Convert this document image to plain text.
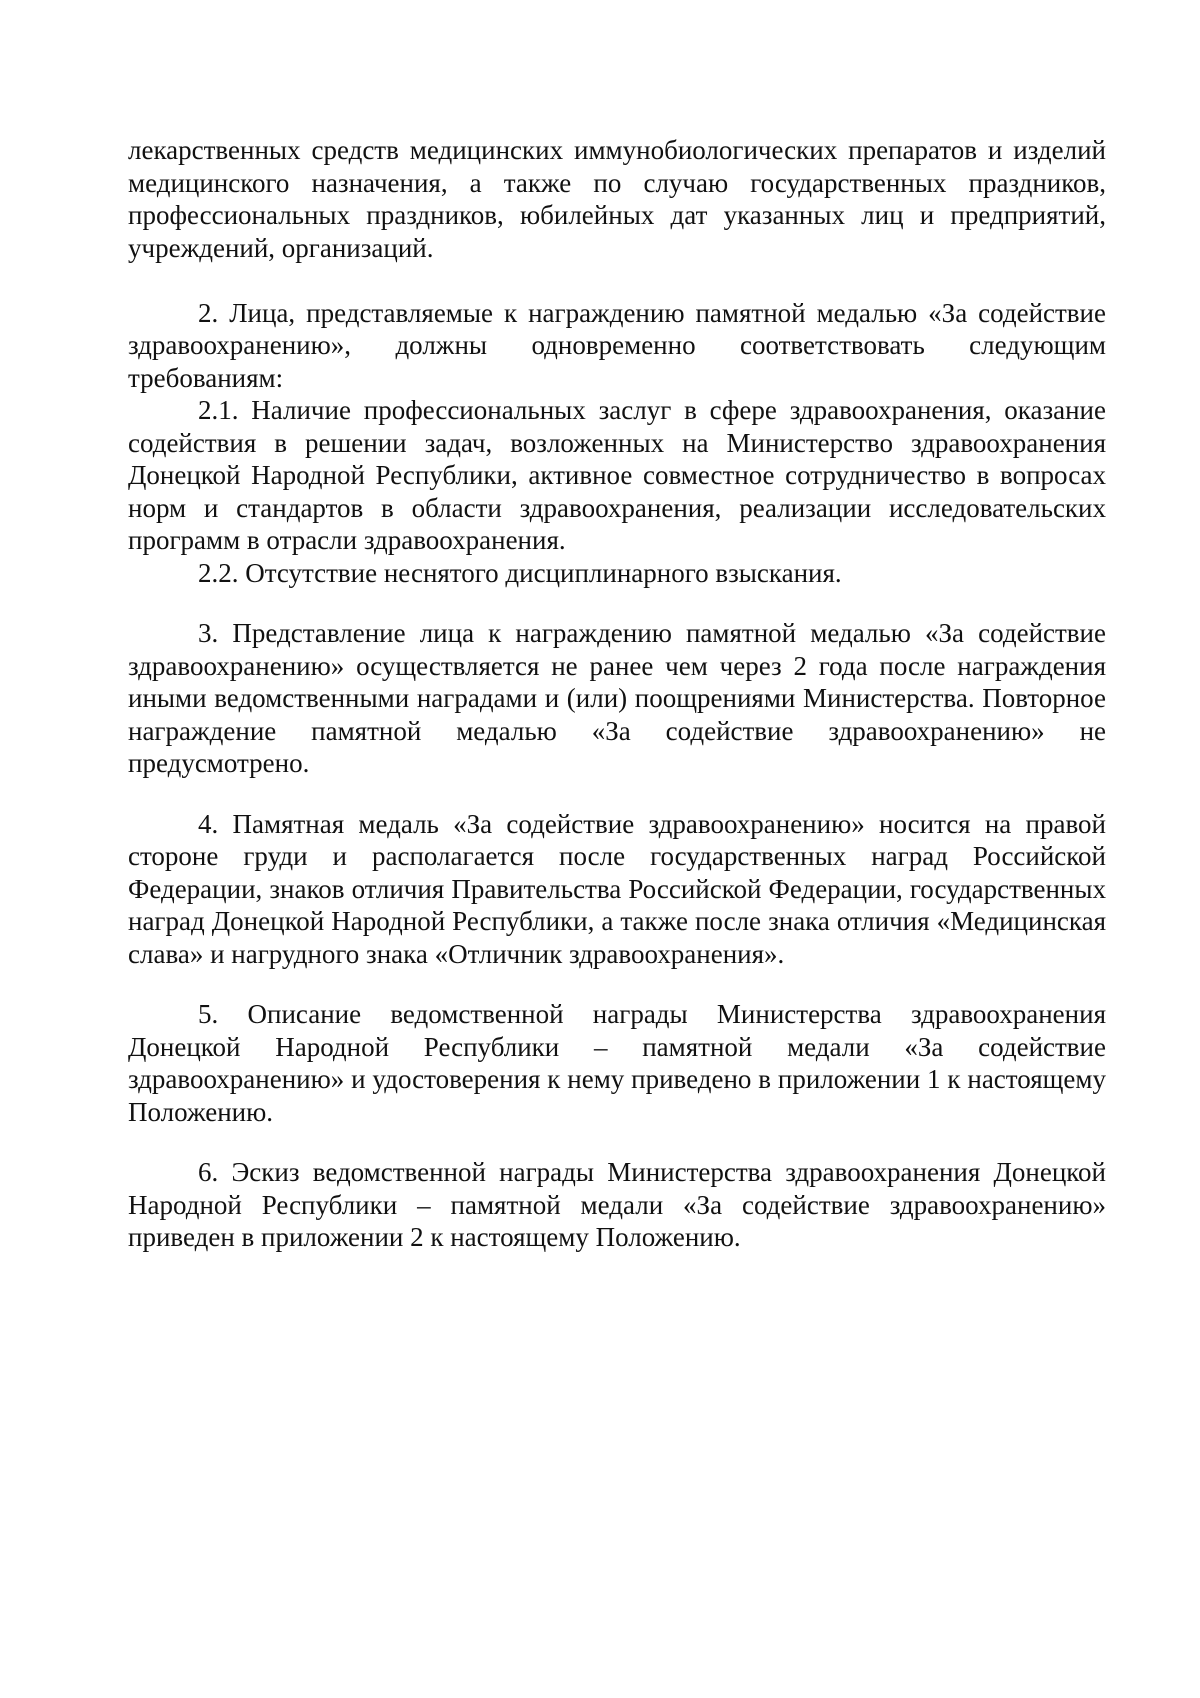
лекарственных средств медицинских иммунобиологических препаратов и изделий медицинского назначения, а также по случаю государственных праздников, профессиональных праздников, юбилейных дат указанных лиц и предприятий, учреждений, организаций.

2. Лица, представляемые к награждению памятной медалью «За содействие здравоохранению», должны одновременно соответствовать следующим требованиям:

2.1. Наличие профессиональных заслуг в сфере здравоохранения, оказание содействия в решении задач, возложенных на Министерство здравоохранения Донецкой Народной Республики, активное совместное сотрудничество в вопросах норм и стандартов в области здравоохранения, реализации исследовательских программ в отрасли здравоохранения.

2.2. Отсутствие неснятого дисциплинарного взыскания.

3. Представление лица к награждению памятной медалью «За содействие здравоохранению» осуществляется не ранее чем через 2 года после награждения иными ведомственными наградами и (или) поощрениями Министерства. Повторное награждение памятной медалью «За содействие здравоохранению» не предусмотрено.

4. Памятная медаль «За содействие здравоохранению» носится на правой стороне груди и располагается после государственных наград Российской Федерации, знаков отличия Правительства Российской Федерации, государственных наград Донецкой Народной Республики, а также после знака отличия «Медицинская слава» и нагрудного знака «Отличник здравоохранения».

5. Описание ведомственной награды Министерства здравоохранения Донецкой Народной Республики – памятной медали «За содействие здравоохранению» и удостоверения к нему приведено в приложении 1 к настоящему Положению.

6. Эскиз ведомственной награды Министерства здравоохранения Донецкой Народной Республики – памятной медали «За содействие здравоохранению» приведен в приложении 2 к настоящему Положению.
